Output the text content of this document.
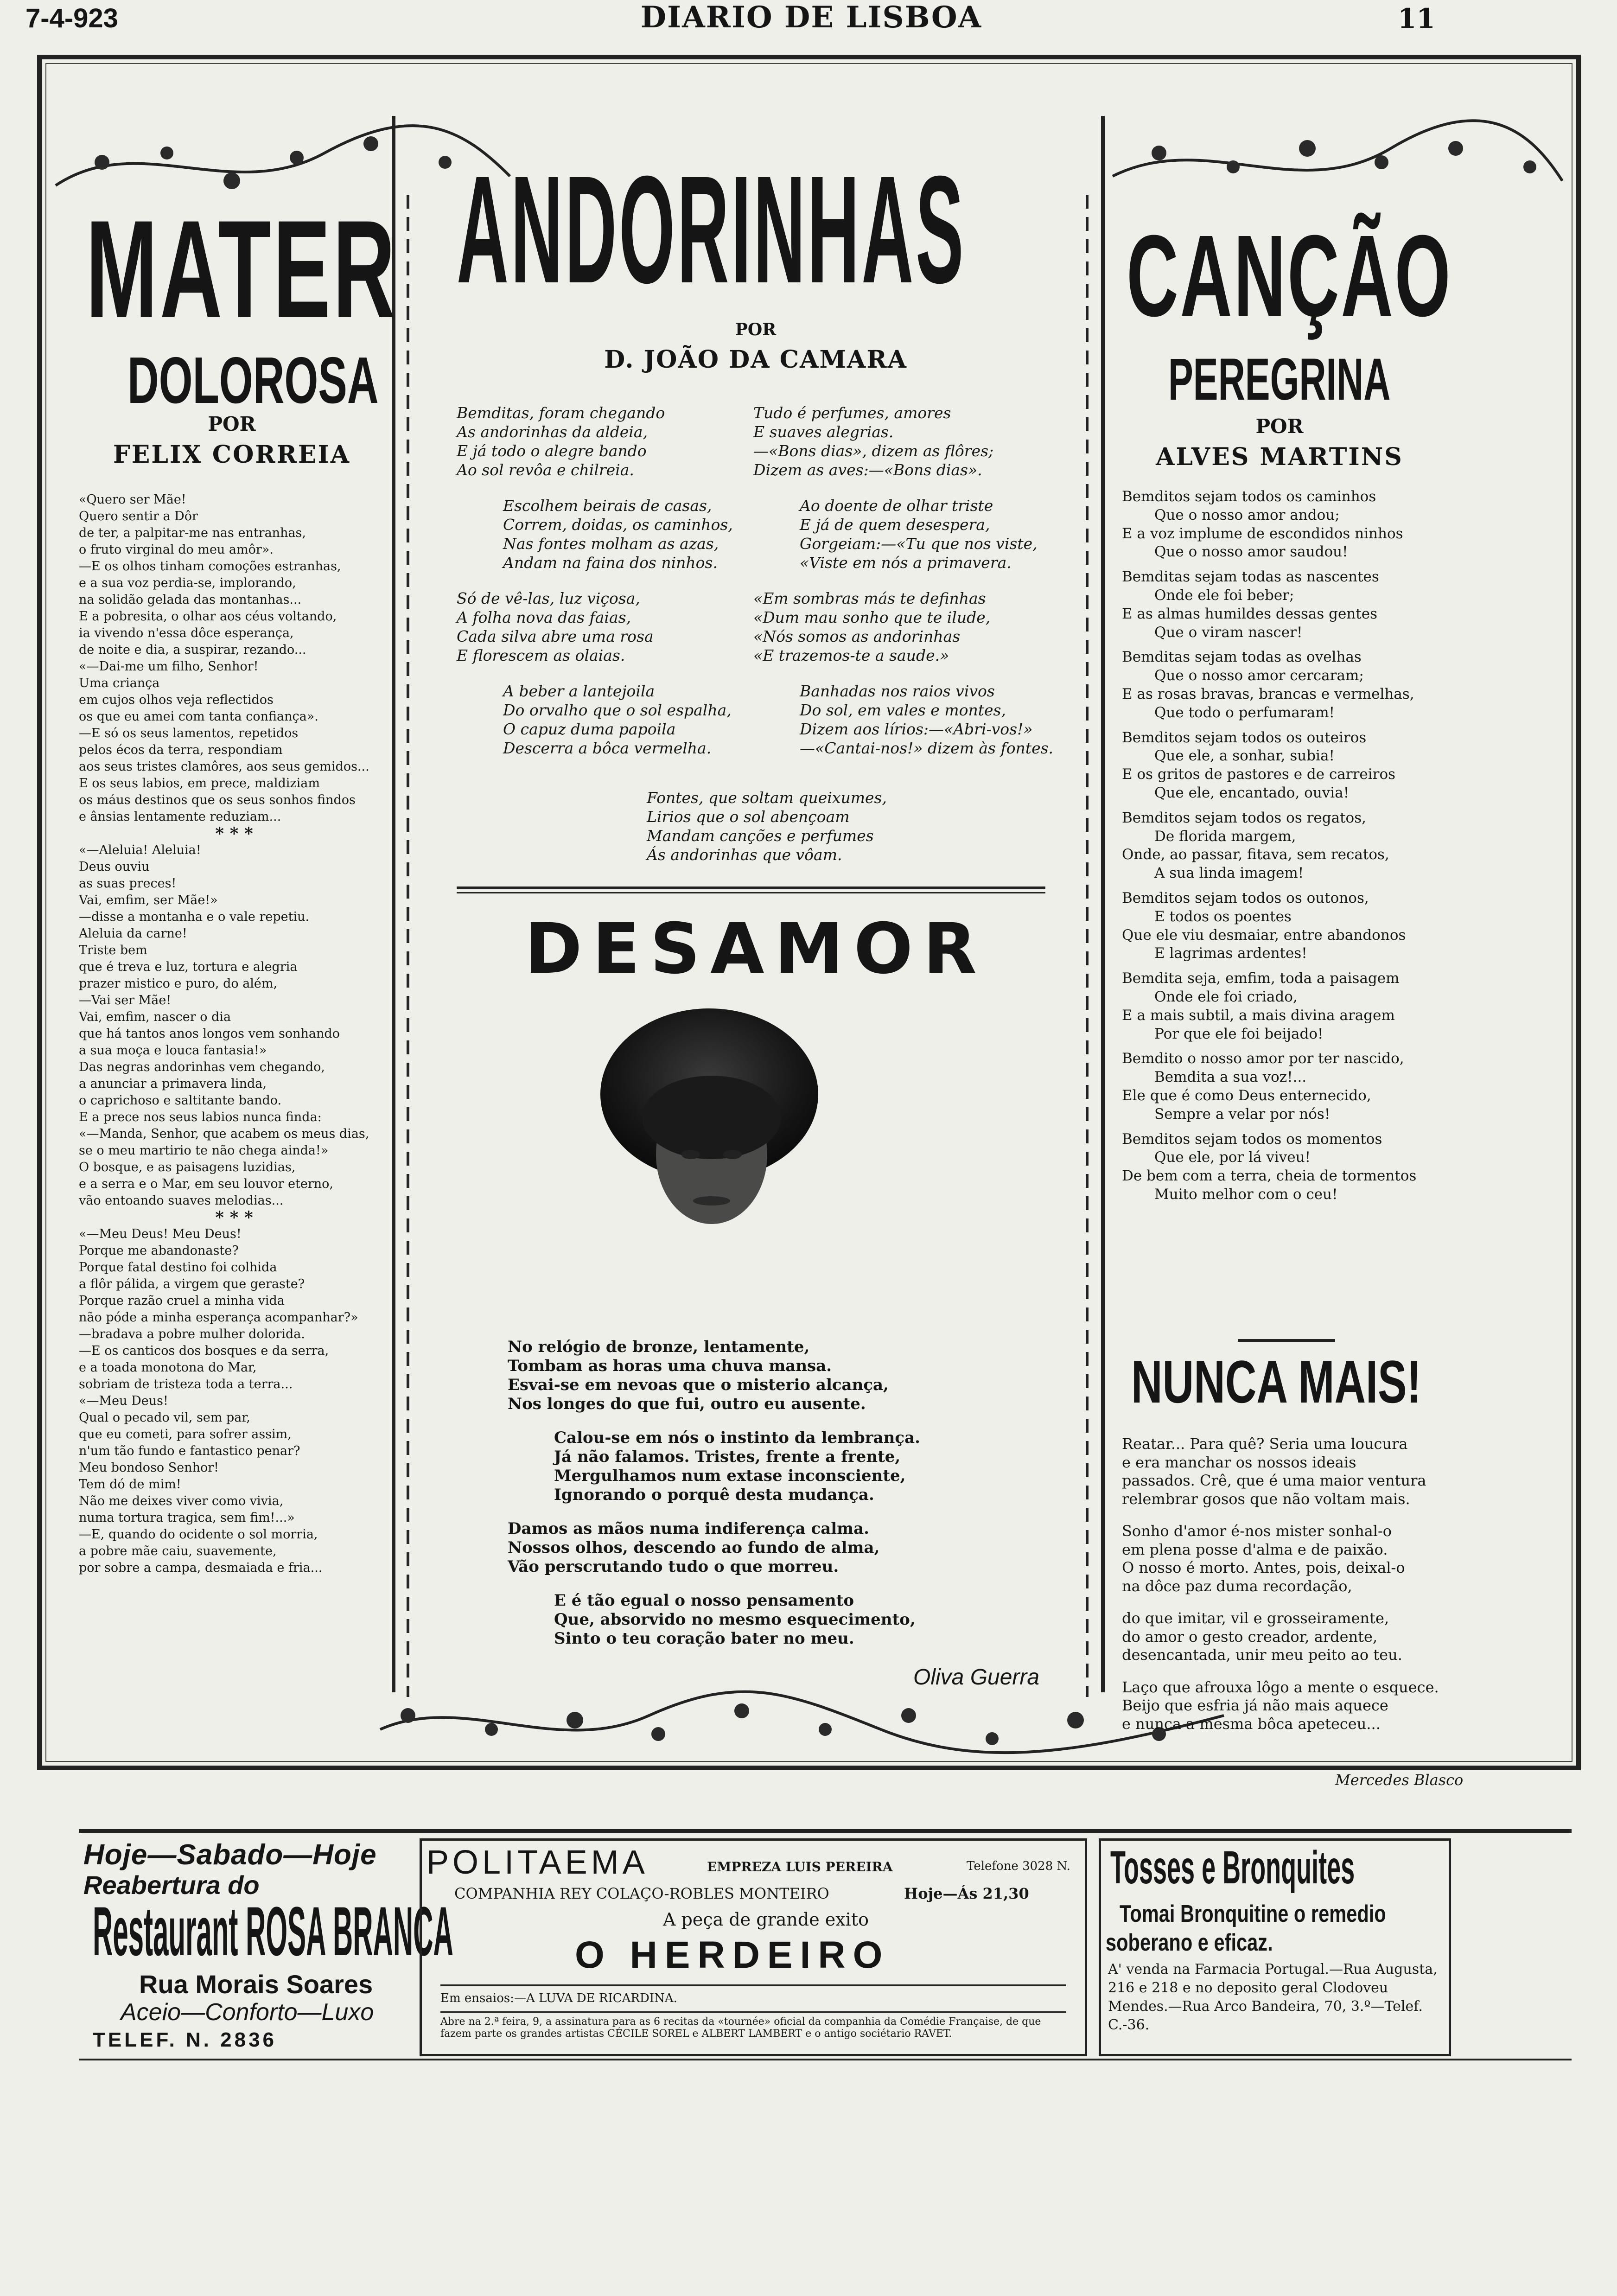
7-4-923	DIARIO DE LISBOA	11
MATER
DOLOROSA
POR
FELIX CORREIA
«Quero ser Mãe!
Quero sentir a Dôr
de ter, a palpitar-me nas entranhas,
o fruto virginal do meu amôr».
—E os olhos tinham comoções estranhas,
e a sua voz perdia-se, implorando,
na solidão gelada das montanhas...
E a pobresita, o olhar aos céus voltando,
ia vivendo n'essa dôce esperança,
de noite e dia, a suspirar, rezando...
«—Dai-me um filho, Senhor!
Uma criança
em cujos olhos veja reflectidos
os que eu amei com tanta confiança».
—E só os seus lamentos, repetidos
pelos écos da terra, respondiam
aos seus tristes clamôres, aos seus gemidos...
E os seus labios, em prece, maldiziam
os máus destinos que os seus sonhos findos
e ânsias lentamente reduziam...
* * *
«—Aleluia! Aleluia!
Deus ouviu
as suas preces!
Vai, emfim, ser Mãe!»
—disse a montanha e o vale repetiu.
Aleluia da carne!
Triste bem
que é treva e luz, tortura e alegria
prazer mistico e puro, do além,
—Vai ser Mãe!
Vai, emfim, nascer o dia
que há tantos anos longos vem sonhando
a sua moça e louca fantasia!»
Das negras andorinhas vem chegando,
a anunciar a primavera linda,
o caprichoso e saltitante bando.
E a prece nos seus labios nunca finda:
«—Manda, Senhor, que acabem os meus dias,
se o meu martirio te não chega ainda!»
O bosque, e as paisagens luzidias,
e a serra e o Mar, em seu louvor eterno,
vão entoando suaves melodias...
* * *
«—Meu Deus! Meu Deus!
Porque me abandonaste?
Porque fatal destino foi colhida
a flôr pálida, a virgem que geraste?
Porque razão cruel a minha vida
não póde a minha esperança acompanhar?»
—bradava a pobre mulher dolorida.
—E os canticos dos bosques e da serra,
e a toada monotona do Mar,
sobriam de tristeza toda a terra...
«—Meu Deus!
Qual o pecado vil, sem par,
que eu cometi, para sofrer assim,
n'um tão fundo e fantastico penar?
Meu bondoso Senhor!
Tem dó de mim!
Não me deixes viver como vivia,
numa tortura tragica, sem fim!...»
—E, quando do ocidente o sol morria,
a pobre mãe caiu, suavemente,
por sobre a campa, desmaiada e fria...
ANDORINHAS
POR
D. JOÃO DA CAMARA
Bemditas, foram chegando
As andorinhas da aldeia,
E já todo o alegre bando
Ao sol revôa e chilreia.
Escolhem beirais de casas,
Correm, doidas, os caminhos,
Nas fontes molham as azas,
Andam na faina dos ninhos.
Só de vê-las, luz viçosa,
A folha nova das faias,
Cada silva abre uma rosa
E florescem as olaias.
A beber a lantejoila
Do orvalho que o sol espalha,
O capuz duma papoila
Descerra a bôca vermelha.
Tudo é perfumes, amores
E suaves alegrias.
—«Bons dias», dizem as flôres;
Dizem as aves:—«Bons dias».
Ao doente de olhar triste
E já de quem desespera,
Gorgeiam:—«Tu que nos viste,
«Viste em nós a primavera.
«Em sombras más te definhas
«Dum mau sonho que te ilude,
«Nós somos as andorinhas
«E trazemos-te a saude.»
Banhadas nos raios vivos
Do sol, em vales e montes,
Dizem aos lírios:—«Abri-vos!»
—«Cantai-nos!» dizem às fontes.
Fontes, que soltam queixumes,
Lirios que o sol abençoam
Mandam canções e perfumes
Ás andorinhas que vôam.
DESAMOR
No relógio de bronze, lentamente,
Tombam as horas uma chuva mansa.
Esvai-se em nevoas que o misterio alcança,
Nos longes do que fui, outro eu ausente.
Calou-se em nós o instinto da lembrança.
Já não falamos. Tristes, frente a frente,
Mergulhamos num extase inconsciente,
Ignorando o porquê desta mudança.
Damos as mãos numa indiferença calma.
Nossos olhos, descendo ao fundo de alma,
Vão perscrutando tudo o que morreu.
E é tão egual o nosso pensamento
Que, absorvido no mesmo esquecimento,
Sinto o teu coração bater no meu.
Oliva Guerra
CANÇÃO
PEREGRINA
POR
ALVES MARTINS
Bemditos sejam todos os caminhos
Que o nosso amor andou;
E a voz implume de escondidos ninhos
Que o nosso amor saudou!
Bemditas sejam todas as nascentes
Onde ele foi beber;
E as almas humildes dessas gentes
Que o viram nascer!
Bemditas sejam todas as ovelhas
Que o nosso amor cercaram;
E as rosas bravas, brancas e vermelhas,
Que todo o perfumaram!
Bemditos sejam todos os outeiros
Que ele, a sonhar, subia!
E os gritos de pastores e de carreiros
Que ele, encantado, ouvia!
Bemditos sejam todos os regatos,
De florida margem,
Onde, ao passar, fitava, sem recatos,
A sua linda imagem!
Bemditos sejam todos os outonos,
E todos os poentes
Que ele viu desmaiar, entre abandonos
E lagrimas ardentes!
Bemdita seja, emfim, toda a paisagem
Onde ele foi criado,
E a mais subtil, a mais divina aragem
Por que ele foi beijado!
Bemdito o nosso amor por ter nascido,
Bemdita a sua voz!...
Ele que é como Deus enternecido,
Sempre a velar por nós!
Bemditos sejam todos os momentos
Que ele, por lá viveu!
De bem com a terra, cheia de tormentos
Muito melhor com o ceu!
NUNCA MAIS!
Reatar... Para quê? Seria uma loucura
e era manchar os nossos ideais
passados. Crê, que é uma maior ventura
relembrar gosos que não voltam mais.
Sonho d'amor é-nos mister sonhal-o
em plena posse d'alma e de paixão.
O nosso é morto. Antes, pois, deixal-o
na dôce paz duma recordação,
do que imitar, vil e grosseiramente,
do amor o gesto creador, ardente,
desencantada, unir meu peito ao teu.
Laço que afrouxa lôgo a mente o esquece.
Beijo que esfria já não mais aquece
e nunca a mesma bôca apeteceu...
Mercedes Blasco
Hoje—Sabado—Hoje
Reabertura do
Restaurant ROSA BRANCA
Rua Morais Soares
Aceio—Conforto—Luxo
TELEF. N. 2836
POLITAEMA	EMPREZA LUIS PEREIRA	Telefone 3028 N.
COMPANHIA REY COLAÇO-ROBLES MONTEIRO	Hoje—Ás 21,30
A peça de grande exito
O HERDEIRO
Em ensaios:—A LUVA DE RICARDINA.
Abre na 2.ª feira, 9, a assinatura para as 6 recitas da «tournée» oficial da companhia da Comédie Française, de que fazem parte os grandes artistas CÉCILE SOREL e ALBERT LAMBERT e o antigo sociétario RAVET.
Tosses e Bronquites
Tomai Bronquitine o remedio
soberano e eficaz.
A' venda na Farmacia Portugal.—Rua Augusta, 216 e 218 e no deposito geral Clodoveu Mendes.—Rua Arco Bandeira, 70, 3.º—Telef. C.-36.
